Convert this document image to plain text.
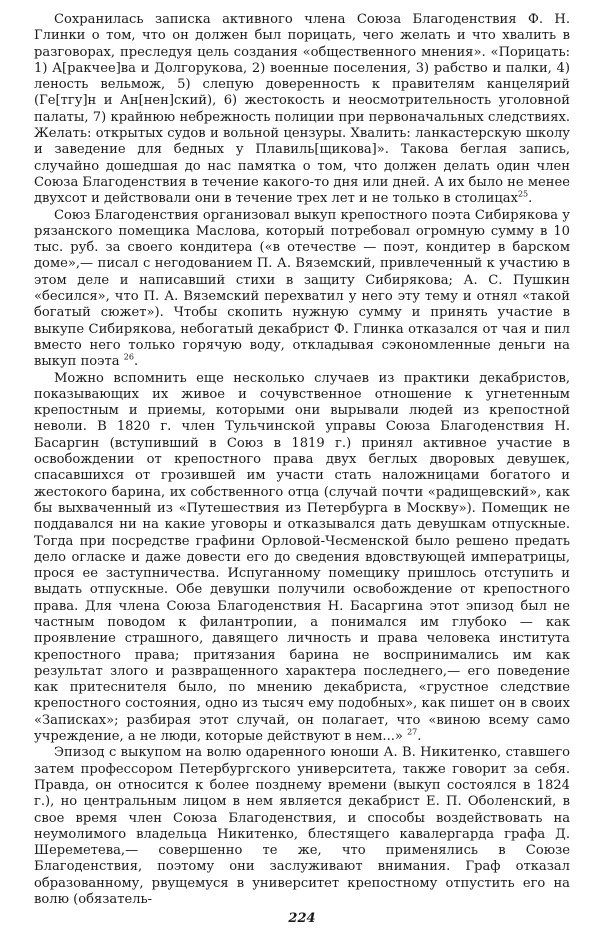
Сохранилась записка активного члена Союза Благоденствия Ф. Н. Глинки о том, что он должен был порицать, чего желать и что хвалить в разговорах, преследуя цель создания «общественного мнения». «Порицать: 1) А[ракчее]ва и Долгорукова, 2) военные поселения, 3) рабство и палки, 4) леность вельмож, 5) слепую доверенность к правителям канцелярий (Ге[тгу]н и Ан[нен]ский), 6) жестокость и неосмотрительность уголовной палаты, 7) крайнюю небрежность полиции при первоначальных следствиях. Желать: открытых судов и вольной цензуры. Хвалить: ланкастерскую школу и заведение для бедных у Плавиль[щикова]». Такова беглая запись, случайно дошедшая до нас памятка о том, что должен делать один член Союза Благоденствия в течение какого-то дня или дней. А их было не менее двухсот и действовали они в течение трех лет и не только в столицах$^{25}$.

Союз Благоденствия организовал выкуп крепостного поэта Сибирякова у рязанского помещика Маслова, который потребовал огромную сумму в 10 тыс. руб. за своего кондитера («в отечестве — поэт, кондитер в барском доме»,— писал с негодованием П. А. Вяземский, привлеченный к участию в этом деле и написавший стихи в защиту Сибирякова; А. С. Пушкин «бесился», что П. А. Вяземский перехватил у него эту тему и отнял «такой богатый сюжет»). Чтобы скопить нужную сумму и принять участие в выкупе Сибирякова, небогатый декабрист Ф. Глинка отказался от чая и пил вместо него только горячую воду, откладывая сэкономленные деньги на выкуп поэта $^{26}$.

Можно вспомнить еще несколько случаев из практики декабристов, показывающих их живое и сочувственное отношение к угнетенным крепостным и приемы, которыми они вырывали людей из крепостной неволи. В 1820 г. член Тульчинской управы Союза Благоденствия Н. Басаргин (вступивший в Союз в 1819 г.) принял активное участие в освобождении от крепостного права двух беглых дворовых девушек, спасавшихся от грозившей им участи стать наложницами богатого и жестокого барина, их собственного отца (случай почти «радищевский», как бы выхваченный из «Путешествия из Петербурга в Москву»). Помещик не поддавался ни на какие уговоры и отказывался дать девушкам отпускные. Тогда при посредстве графини Орловой-Чесменской было решено предать дело огласке и даже довести его до сведения вдовствующей императрицы, прося ее заступничества. Испуганному помещику пришлось отступить и выдать отпускные. Обе девушки получили освобождение от крепостного права. Для члена Союза Благоденствия Н. Басаргина этот эпизод был не частным поводом к филантропии, а понимался им глубоко — как проявление страшного, давящего личность и права человека института крепостного права; притязания барина не воспринимались им как результат злого и развращенного характера последнего,— его поведение как притеснителя было, по мнению декабриста, «грустное следствие крепостного состояния, одно из тысяч ему подобных», как пишет он в своих «Записках»; разбирая этот случай, он полагает, что «виною всему само учреждение, а не люди, которые действуют в нем...» $^{27}$.

Эпизод с выкупом на волю одаренного юноши А. В. Никитенко, ставшего затем профессором Петербургского университета, также говорит за себя. Правда, он относится к более позднему времени (выкуп состоялся в 1824 г.), но центральным лицом в нем является декабрист Е. П. Оболенский, в свое время член Союза Благоденствия, и способы воздействовать на неумолимого владельца Никитенко, блестящего кавалергарда графа Д. Шереметева,— совершенно те же, что применялись в Союзе Благоденствия, поэтому они заслуживают внимания. Граф отказал образованному, рвущемуся в университет крепостному отпустить его на волю (обязатель-

224
